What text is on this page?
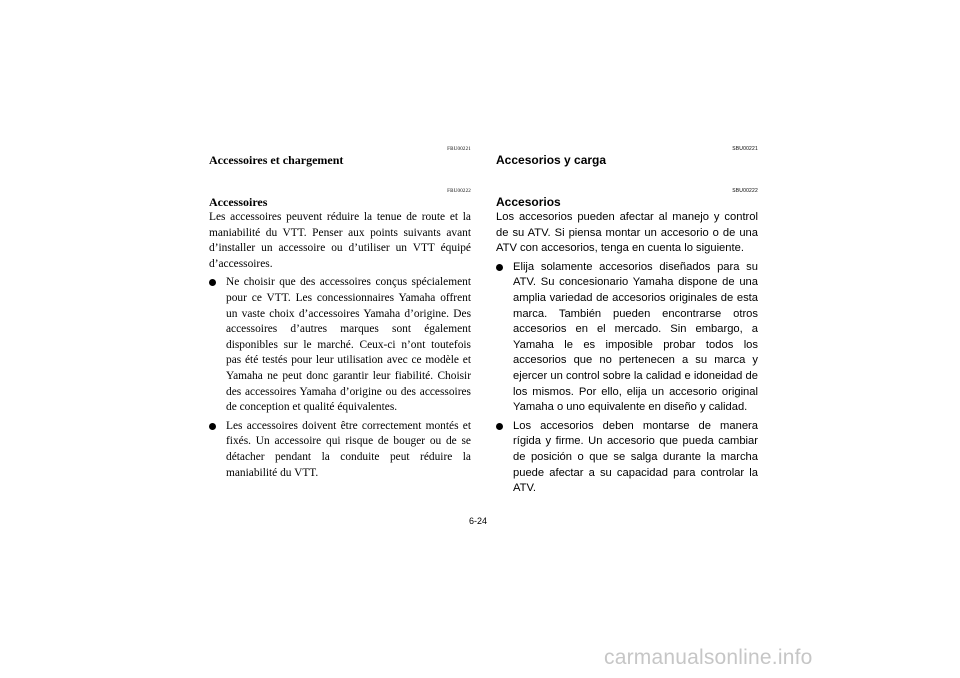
FBU00221
Accessoires et chargement
FBU00222
Accessoires

Les accessoires peuvent réduire la tenue de route et la maniabilité du VTT. Penser aux points suivants avant d’installer un accessoire ou d’utiliser un VTT équipé d’accessoires.

Ne choisir que des accessoires conçus spécialement pour ce VTT. Les concessionnaires Yamaha offrent un vaste choix d’accessoires Yamaha d’origine. Des accessoires d’autres marques sont également disponibles sur le marché. Ceux-ci n’ont toutefois pas été testés pour leur utilisation avec ce modèle et Yamaha ne peut donc garantir leur fiabilité. Choisir des accessoires Yamaha d’origine ou des accessoires de conception et qualité équivalentes.
Les accessoires doivent être correctement montés et fixés. Un accessoire qui risque de bouger ou de se détacher pendant la conduite peut réduire la maniabilité du VTT.
SBU00221
Accesorios y carga
SBU00222
Accesorios

Los accesorios pueden afectar al manejo y control de su ATV. Si piensa montar un accesorio o de una ATV con accesorios, tenga en cuenta lo siguiente.

Elija solamente accesorios diseñados para su ATV. Su concesionario Yamaha dispone de una amplia variedad de accesorios originales de esta marca. También pueden encontrarse otros accesorios en el mercado. Sin embargo, a Yamaha le es imposible probar todos los accesorios que no pertenecen a su marca y ejercer un control sobre la calidad e idoneidad de los mismos. Por ello, elija un accesorio original Yamaha o uno equivalente en diseño y calidad.
Los accesorios deben montarse de manera rígida y firme. Un accesorio que pueda cambiar de posición o que se salga durante la marcha puede afectar a su capacidad para controlar la ATV.
6-24
carmanualsonline.info
